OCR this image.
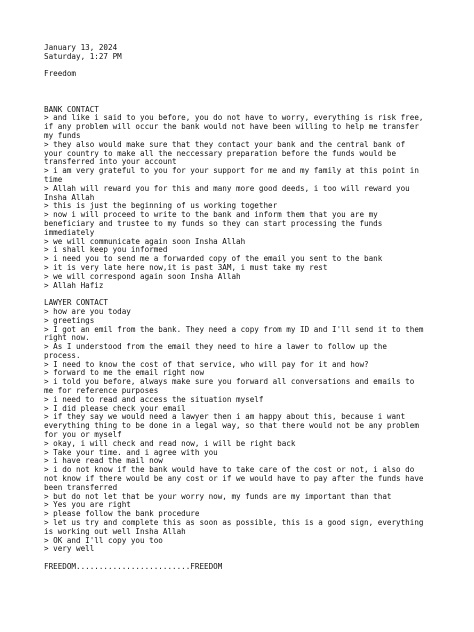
January 13, 2024
Saturday, 1:27 PM
Freedom
BANK CONTACT
> and like i said to you before, you do not have to worry, everything is risk free,
if any problem will occur the bank would not have been willing to help me transfer
my funds
> they also would make sure that they contact your bank and the central bank of
your country to make all the neccessary preparation before the funds would be
transferred into your account
> i am very grateful to you for your support for me and my family at this point in
time
> Allah will reward you for this and many more good deeds, i too will reward you
Insha Allah
> this is just the beginning of us working together
> now i will proceed to write to the bank and inform them that you are my
beneficiary and trustee to my funds so they can start processing the funds
immediately
> we will communicate again soon Insha Allah
> i shall keep you informed
> i need you to send me a forwarded copy of the email you sent to the bank
> it is very late here now,it is past 3AM, i must take my rest
> we will correspond again soon Insha Allah
> Allah Hafiz
LAWYER CONTACT
> how are you today
> greetings
> I got an emil from the bank. They need a copy from my ID and I'll send it to them
right now.
> As I understood from the email they need to hire a lawer to follow up the
process.
> I need to know the cost of that service, who will pay for it and how?
> forward to me the email right now
> i told you before, always make sure you forward all conversations and emails to
me for reference purposes
> i need to read and access the situation myself
> I did please check your email
> if they say we would need a lawyer then i am happy about this, because i want
everything thing to be done in a legal way, so that there would not be any problem
for you or myself
> okay, i will check and read now, i will be right back
> Take your time. and i agree with you
> i have read the mail now
> i do not know if the bank would have to take care of the cost or not, i also do
not know if there would be any cost or if we would have to pay after the funds have
been transferred
> but do not let that be your worry now, my funds are my important than that
> Yes you are right
> please follow the bank procedure
> let us try and complete this as soon as possible, this is a good sign, everything
is working out well Insha Allah
> OK and I'll copy you too
> very well
FREEDOM.........................FREEDOM
